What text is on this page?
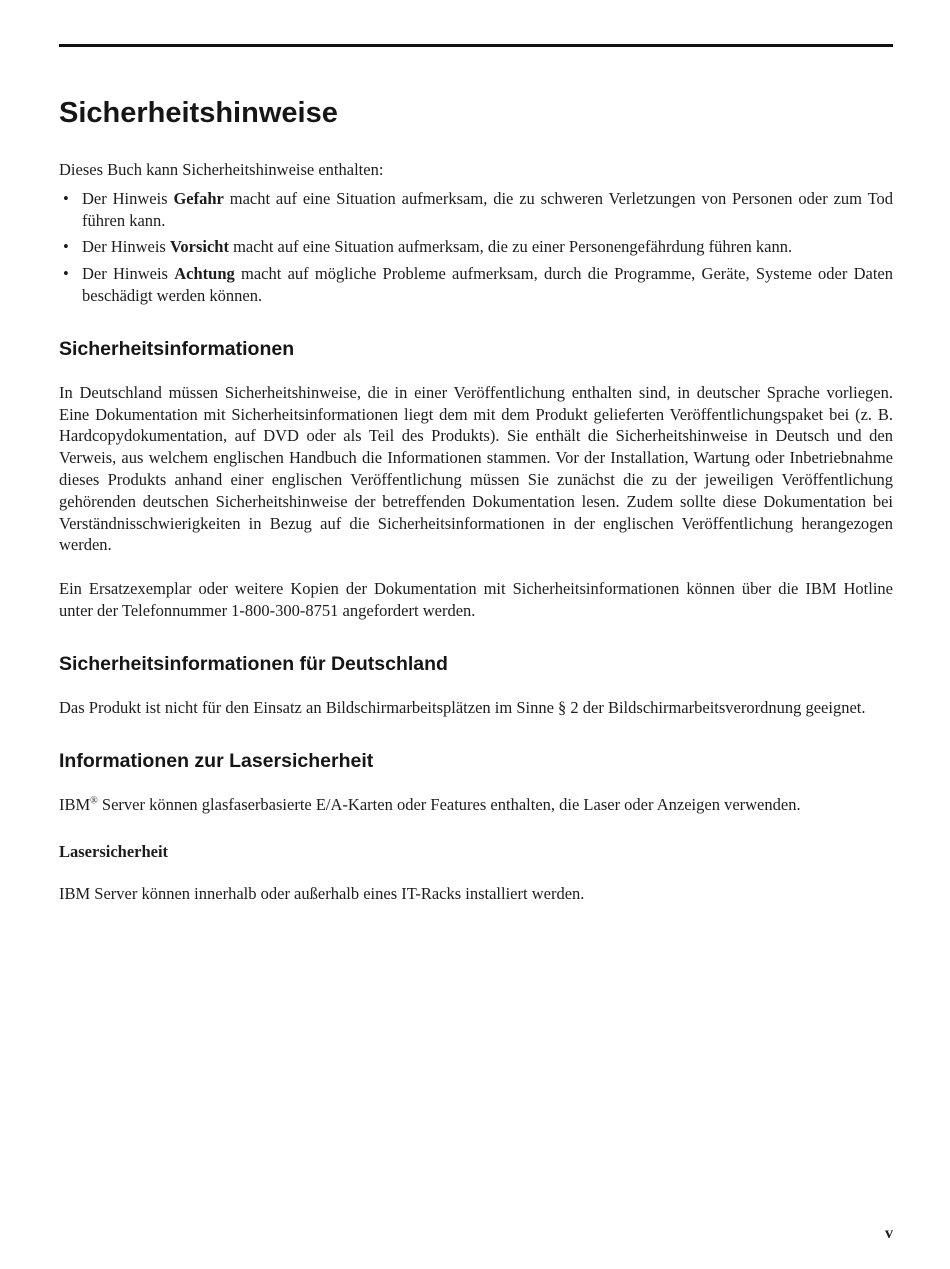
Sicherheitshinweise

Dieses Buch kann Sicherheitshinweise enthalten:

• Der Hinweis Gefahr macht auf eine Situation aufmerksam, die zu schweren Verletzungen von Personen oder zum Tod führen kann.
• Der Hinweis Vorsicht macht auf eine Situation aufmerksam, die zu einer Personengefährdung führen kann.
• Der Hinweis Achtung macht auf mögliche Probleme aufmerksam, durch die Programme, Geräte, Systeme oder Daten beschädigt werden können.
Sicherheitsinformationen

In Deutschland müssen Sicherheitshinweise, die in einer Veröffentlichung enthalten sind, in deutscher Sprache vorliegen. Eine Dokumentation mit Sicherheitsinformationen liegt dem mit dem Produkt gelieferten Veröffentlichungspaket bei (z. B. Hardcopydokumentation, auf DVD oder als Teil des Produkts). Sie enthält die Sicherheitshinweise in Deutsch und den Verweis, aus welchem englischen Handbuch die Informationen stammen. Vor der Installation, Wartung oder Inbetriebnahme dieses Produkts anhand einer englischen Veröffentlichung müssen Sie zunächst die zu der jeweiligen Veröffentlichung gehörenden deutschen Sicherheitshinweise der betreffenden Dokumentation lesen. Zudem sollte diese Dokumentation bei Verständnisschwierigkeiten in Bezug auf die Sicherheitsinformationen in der englischen Veröffentlichung herangezogen werden.

Ein Ersatzexemplar oder weitere Kopien der Dokumentation mit Sicherheitsinformationen können über die IBM Hotline unter der Telefonnummer 1-800-300-8751 angefordert werden.

Sicherheitsinformationen für Deutschland

Das Produkt ist nicht für den Einsatz an Bildschirmarbeitsplätzen im Sinne § 2 der Bildschirmarbeitsverordnung geeignet.

Informationen zur Lasersicherheit

IBM® Server können glasfaserbasierte E/A-Karten oder Features enthalten, die Laser oder Anzeigen verwenden.

Lasersicherheit

IBM Server können innerhalb oder außerhalb eines IT-Racks installiert werden.

v
